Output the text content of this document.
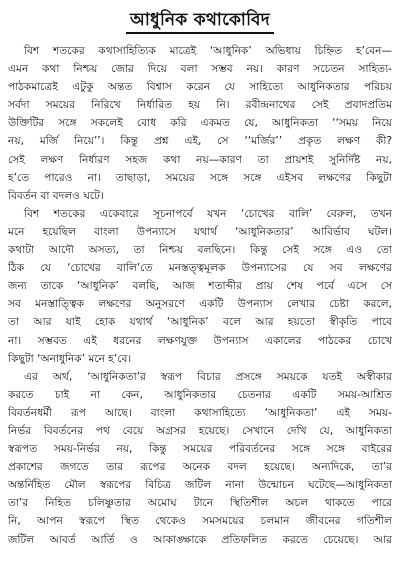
আধুনিক কথাকোবিদ
বিশ শতকের কথাসাহিত্যিক মাত্রেই ‘আধুনিক’ অভিধায় চিহ্নিত হ’বেন—
এমন কথা নিশ্চয় জোর দিয়ে বলা সম্ভব নয়। কারণ সচেতন সাহিত্য-
পাঠকমাত্রেই এটুকু অন্তত বিশ্বাস করেন যে সাহিত্যে আধুনিকতার পরিচয়
সর্বদা সময়ের নিরিখে নির্ধারিত হয় নি। রবীন্দ্রনাথের সেই প্রবাদপ্রতিম
উক্তিটির সঙ্গে সকলেই বোধ করি একমত যে, আধুনিকতা ‘‘সময় নিয়ে
নয়, মর্জি নিয়ে’’। কিন্তু প্রশ্ন এই, সে ‘‘মর্জির’’ প্রকৃত লক্ষণ কী?
সেই লক্ষণ নির্ধারণ সহজ কথা নয়—কারণ তা প্রায়শই সুনির্দিষ্ট নয়,
হ’তে পারেও না। তাছাড়া, সময়ের সঙ্গে সঙ্গে এইসব লক্ষণের কিছুটা
বিবর্তন বা বদলও ঘটে।
বিশ শতকের একেবারে সূচনাপর্বে যখন ‘চোখের বালি’ বেরুল, তখন
মনে হয়েছিল বাংলা উপন্যাসে যথার্থ ‘আধুনিকতার’ আবির্ভাব ঘটল।
কথাটা আদৌ অসত্য, তা নিশ্চয় বলছিনে। কিন্তু সেই সঙ্গে এও তো
ঠিক যে ‘চোখের বালি’তে মনস্তত্ত্বমূলক উপন্যাসের যে সব লক্ষণের
জন্য তাকে ‘আধুনিক’ বলছি, আজ শতাব্দীর প্রায় শেষ পর্বে এসে সে
সব মনস্তাত্ত্বিক লক্ষণের অনুসরণে একটি উপন্যাস লেখার চেষ্টা করলে,
তা আর যাই হোক যথার্থ ‘আধুনিক’ বলে আর হয়তো স্বীকৃতি পাবে
না। সম্ভবত এই ধরনের লক্ষণযুক্ত উপন্যাস একালের পাঠকের চোখে
কিছুটা ‘অনাধুনিক’ মনে হ’বে।
এর অর্থ, ‘আধুনিকতা’র স্বরূপ বিচার প্রসঙ্গে সময়কে যতই অস্বীকার
করতে চাই না কেন, আধুনিকতার চেতনার একটি সময়-আশ্রিত
বিবর্তনধর্মী রূপ আছে। বাংলা কথাসাহিত্যে ‘আধুনিকতা’ এই সময়-
নির্ভর বিবর্তনের পথ বেয়ে অগ্রসর হয়েছে। সেখানে দেখি যে, আধুনিকতা
স্বরূপত সময়-নির্ভর নয়, কিন্তু সময়ের পরিবর্তনের সঙ্গে সঙ্গে বাইরের
প্রকাশের জগতে তার রূপের অনেক বদল হয়েছে। অন্যদিকে, তা’র
অন্তর্নিহিত মৌল স্বরূপের বিচিত্র জটিল নানা উন্মোচন ঘটেছে—আধুনিকতা
তা’র নিহিত চলিষ্ণুতার অমোঘ টানে স্থিতিশীল অচল থাকতে পারে
নি, আপন স্বরূপে স্থিত থেকেও সমসময়ের চলমান জীবনের গতিশীল
জটিল আবর্ত আর্তি ও আকাঙ্ক্ষাকে প্রতিফলিত করতে চেয়েছে। আর
